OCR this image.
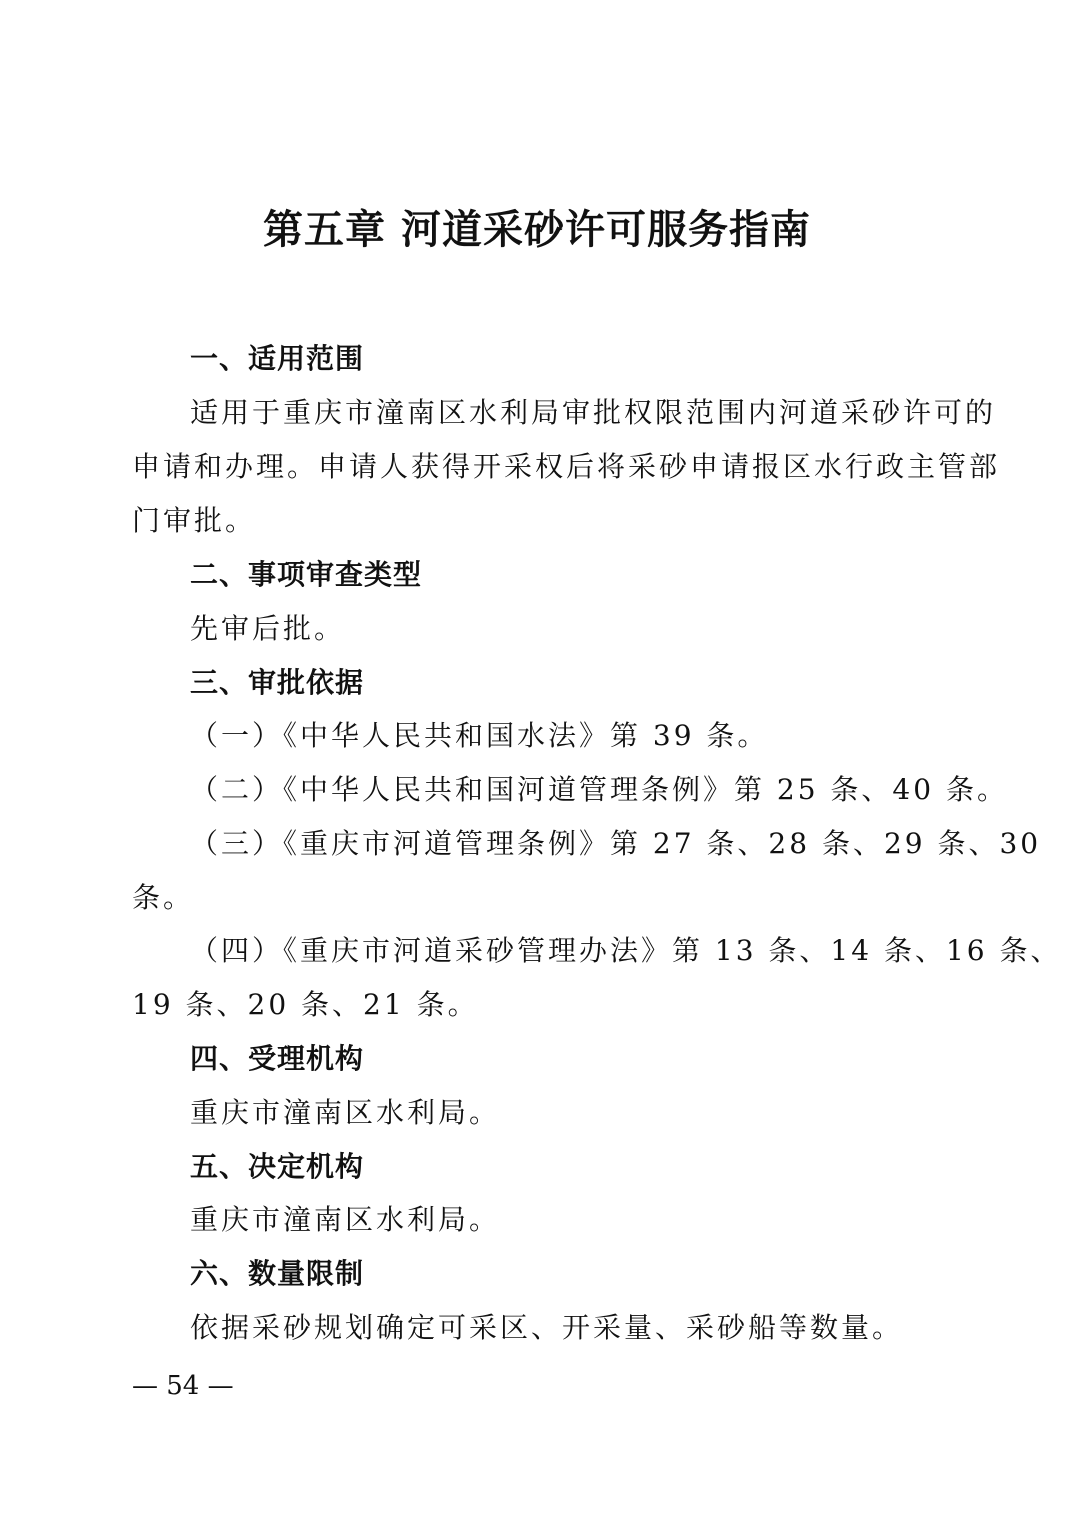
第五章 河道采砂许可服务指南
一、适用范围
适用于重庆市潼南区水利局审批权限范围内河道采砂许可的
申请和办理。申请人获得开采权后将采砂申请报区水行政主管部
门审批。
二、事项审查类型
先审后批。
三、审批依据
（一）《中华人民共和国水法》第 39 条。
（二）《中华人民共和国河道管理条例》第 25 条、40 条。
（三）《重庆市河道管理条例》第 27 条、28 条、29 条、30
条。
（四）《重庆市河道采砂管理办法》第 13 条、14 条、16 条、
19 条、20 条、21 条。
四、受理机构
重庆市潼南区水利局。
五、决定机构
重庆市潼南区水利局。
六、数量限制
依据采砂规划确定可采区、开采量、采砂船等数量。
— 54 —
